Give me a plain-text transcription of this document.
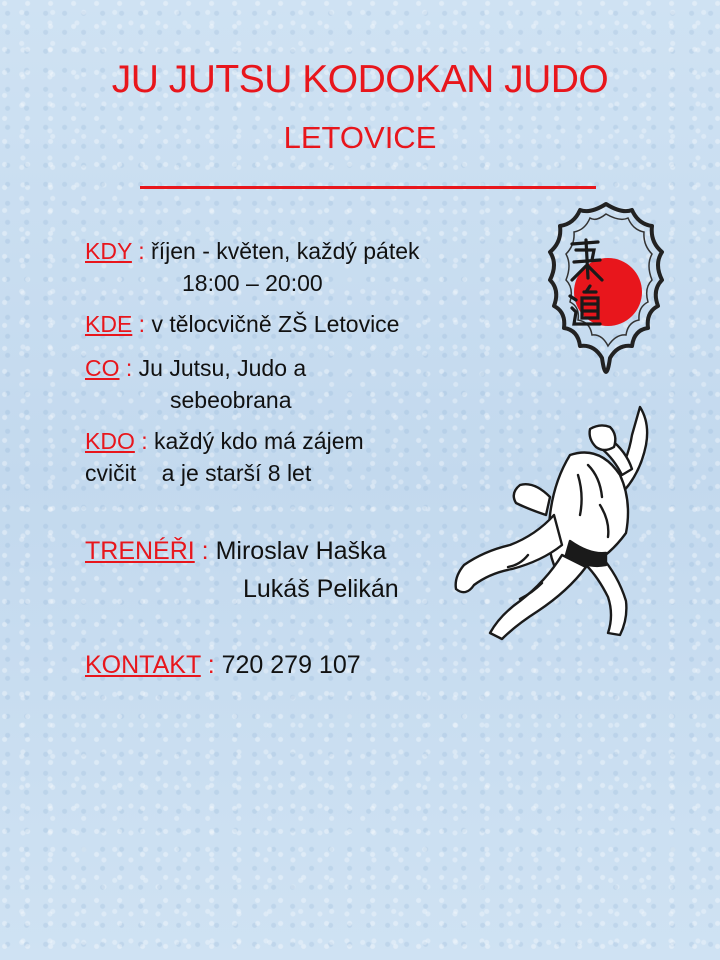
JU JUTSU KODOKAN JUDO
LETOVICE
KDY : říjen - květen, každý pátek
18:00 – 20:00
KDE : v tělocvičně ZŠ Letovice
CO : Ju Jutsu, Judo a
sebeobrana
KDO : každý kdo má zájem
cvičit    a je starší 8 let
TRENÉŘI : Miroslav Haška
Lukáš Pelikán
KONTAKT : 720 279 107
